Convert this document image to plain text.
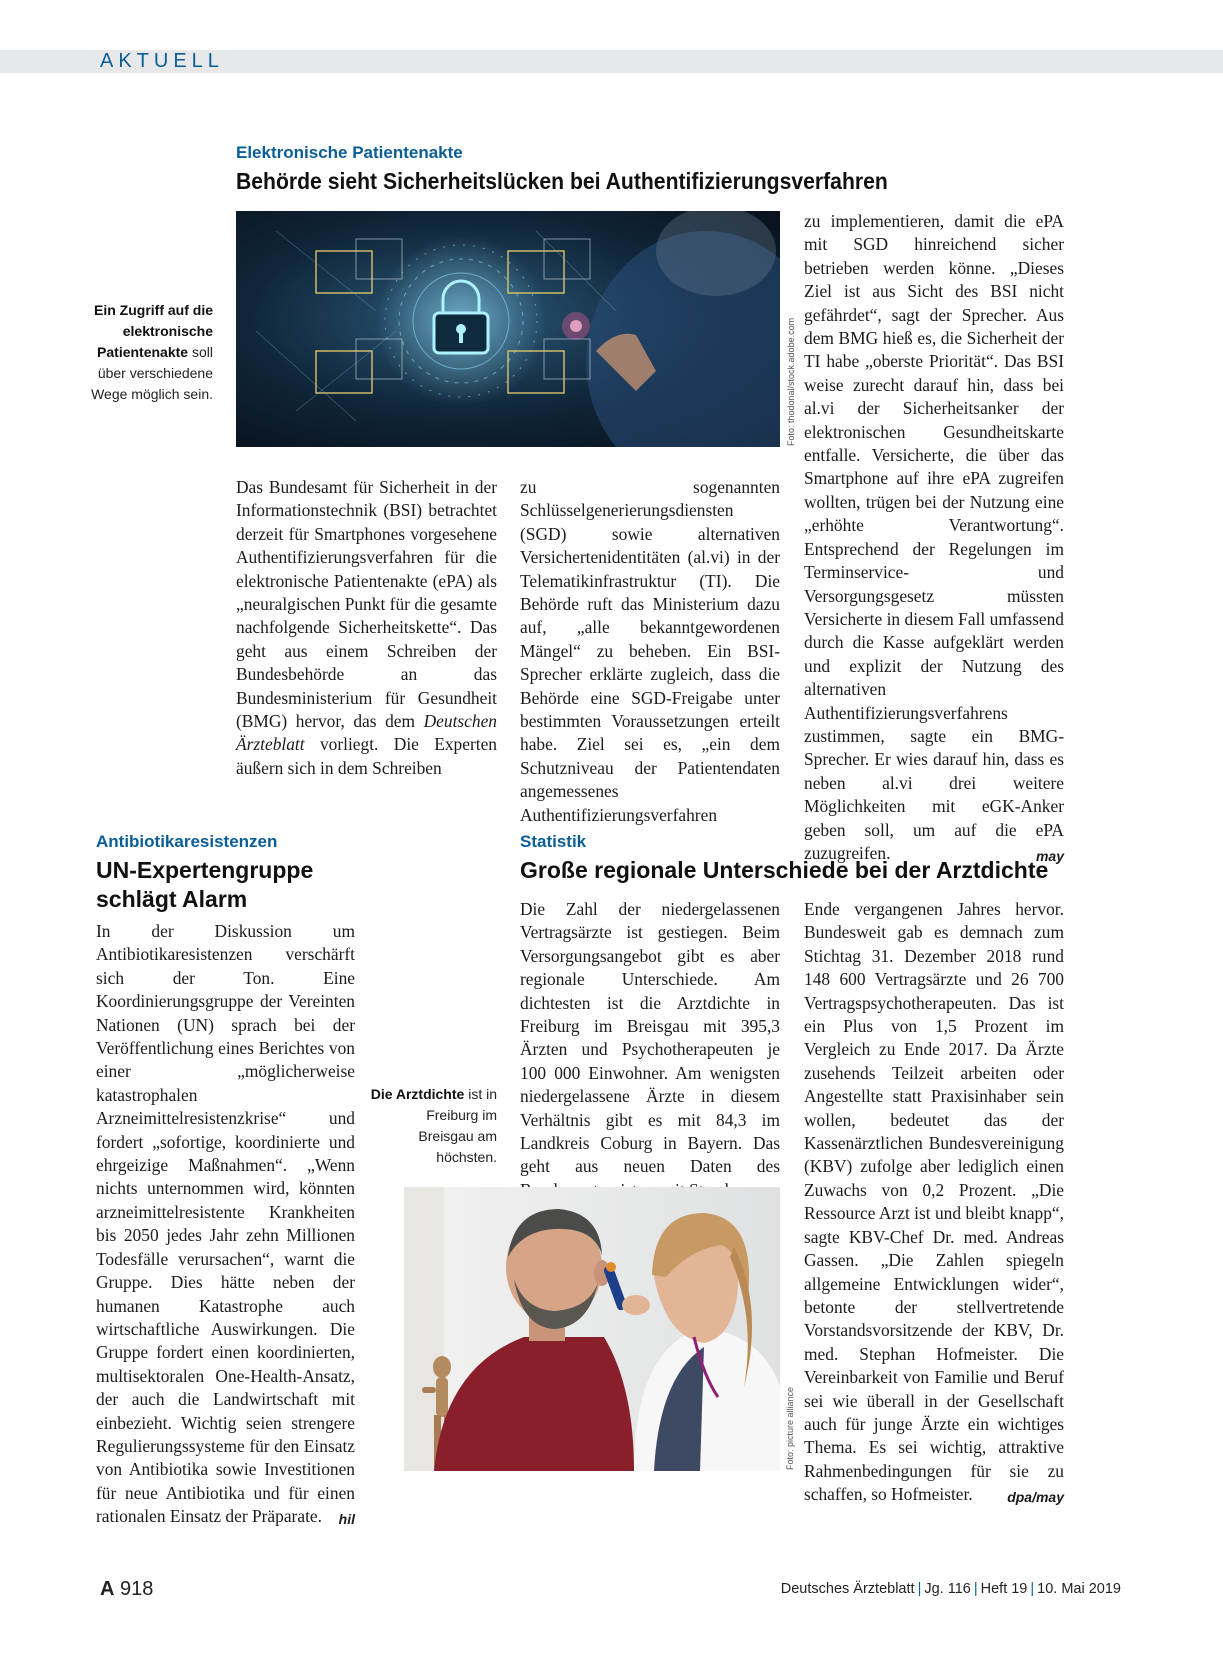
AKTUELL
Elektronische Patientenakte
Behörde sieht Sicherheitslücken bei Authentifizierungsverfahren
Ein Zugriff auf die elektronische Patientenakte soll über verschiedene Wege möglich sein.	Foto: thodonal/stock.adobe.com
Das Bundesamt für Sicherheit in der Informationstechnik (BSI) betrachtet derzeit für Smartphones vorgesehene Authentifizierungsverfahren für die elektronische Patientenakte (ePA) als „neuralgischen Punkt für die gesamte nachfolgende Sicherheitskette“. Das geht aus einem Schreiben der Bundesbehörde an das Bundesministerium für Gesundheit (BMG) hervor, das dem Deutschen Ärzteblatt vorliegt. Die Experten äußern sich in dem Schreiben
zu sogenannten Schlüsselgenerierungsdiensten (SGD) sowie alternativen Versichertenidentitäten (al.vi) in der Telematikinfrastruktur (TI). Die Behörde ruft das Ministerium dazu auf, „alle bekanntgewordenen Mängel“ zu beheben. Ein BSI-Sprecher erklärte zugleich, dass die Behörde eine SGD-Freigabe unter bestimmten Voraussetzungen erteilt habe. Ziel sei es, „ein dem Schutzniveau der Patientendaten angemessenes Authentifizierungsverfahren
zu implementieren, damit die ePA mit SGD hinreichend sicher betrieben werden könne. „Dieses Ziel ist aus Sicht des BSI nicht gefährdet“, sagt der Sprecher. Aus dem BMG hieß es, die Sicherheit der TI habe „oberste Priorität“. Das BSI weise zurecht darauf hin, dass bei al.vi der Sicherheitsanker der elektronischen Gesundheitskarte entfalle. Versicherte, die über das Smartphone auf ihre ePA zugreifen wollten, trügen bei der Nutzung eine „erhöhte Verantwortung“. Entsprechend der Regelungen im Terminservice- und Versorgungsgesetz müssten Versicherte in diesem Fall umfassend durch die Kasse aufgeklärt werden und explizit der Nutzung des alternativen Authentifizierungsverfahrens zustimmen, sagte ein BMG-Sprecher. Er wies darauf hin, dass es neben al.vi drei weitere Möglichkeiten mit eGK-Anker geben soll, um auf die ePA zuzugreifen.	may
Antibiotikaresistenzen
UN-Expertengruppe schlägt Alarm
In der Diskussion um Antibiotikaresistenzen verschärft sich der Ton. Eine Koordinierungsgruppe der Vereinten Nationen (UN) sprach bei der Veröffentlichung eines Berichtes von einer „möglicherweise katastrophalen Arzneimittelresistenzkrise“ und fordert „sofortige, koordinierte und ehrgeizige Maßnahmen“. „Wenn nichts unternommen wird, könnten arzneimittelresistente Krankheiten bis 2050 jedes Jahr zehn Millionen Todesfälle verursachen“, warnt die Gruppe. Dies hätte neben der humanen Katastrophe auch wirtschaftliche Auswirkungen. Die Gruppe fordert einen koordinierten, multisektoralen One-Health-Ansatz, der auch die Landwirtschaft mit einbezieht. Wichtig seien strengere Regulierungssysteme für den Einsatz von Antibiotika sowie Investitionen für neue Antibiotika und für einen rationalen Einsatz der Präparate. hil
Statistik
Große regionale Unterschiede bei der Arztdichte
Die Arztdichte ist in Freiburg im Breisgau am höchsten.
Die Zahl der niedergelassenen Vertragsärzte ist gestiegen. Beim Versorgungsangebot gibt es aber regionale Unterschiede. Am dichtesten ist die Arztdichte in Freiburg im Breisgau mit 395,3 Ärzten und Psychotherapeuten je 100 000 Einwohner. Am wenigsten niedergelassene Ärzte in diesem Verhältnis gibt es mit 84,3 im Landkreis Coburg in Bayern. Das geht aus neuen Daten des
Ende vergangenen Jahres hervor. Bundesweit gab es demnach zum Stichtag 31. Dezember 2018 rund 148 600 Vertragsärzte und 26 700 Vertragspsychotherapeuten. Das ist ein Plus von 1,5 Prozent im Vergleich zu Ende 2017. Da Ärzte zusehends Teilzeit arbeiten oder Angestellte statt Praxisinhaber sein wollen, bedeutet das der Kassenärztlichen Bundesvereinigung (KBV) zufolge aber lediglich einen Zuwachs von 0,2 Prozent. „Die Ressource Arzt ist und bleibt knapp“, sagte KBV-Chef Dr. med. Andreas Gassen. „Die Zahlen spiegeln allgemeine Entwicklungen wider“, betonte der stellvertretende Vorstandsvorsitzende der KBV, Dr. med. Stephan Hofmeister. Die Vereinbarkeit von Familie und Beruf sei wie überall in der Gesellschaft auch für junge Ärzte ein wichtiges Thema. Es sei wichtig, attraktive Rahmenbedingungen für sie zu schaffen, so Hofmeister. dpa/may
Foto: picture alliance
A 918	Deutsches Ärzteblatt | Jg. 116 | Heft 19 | 10. Mai 2019
